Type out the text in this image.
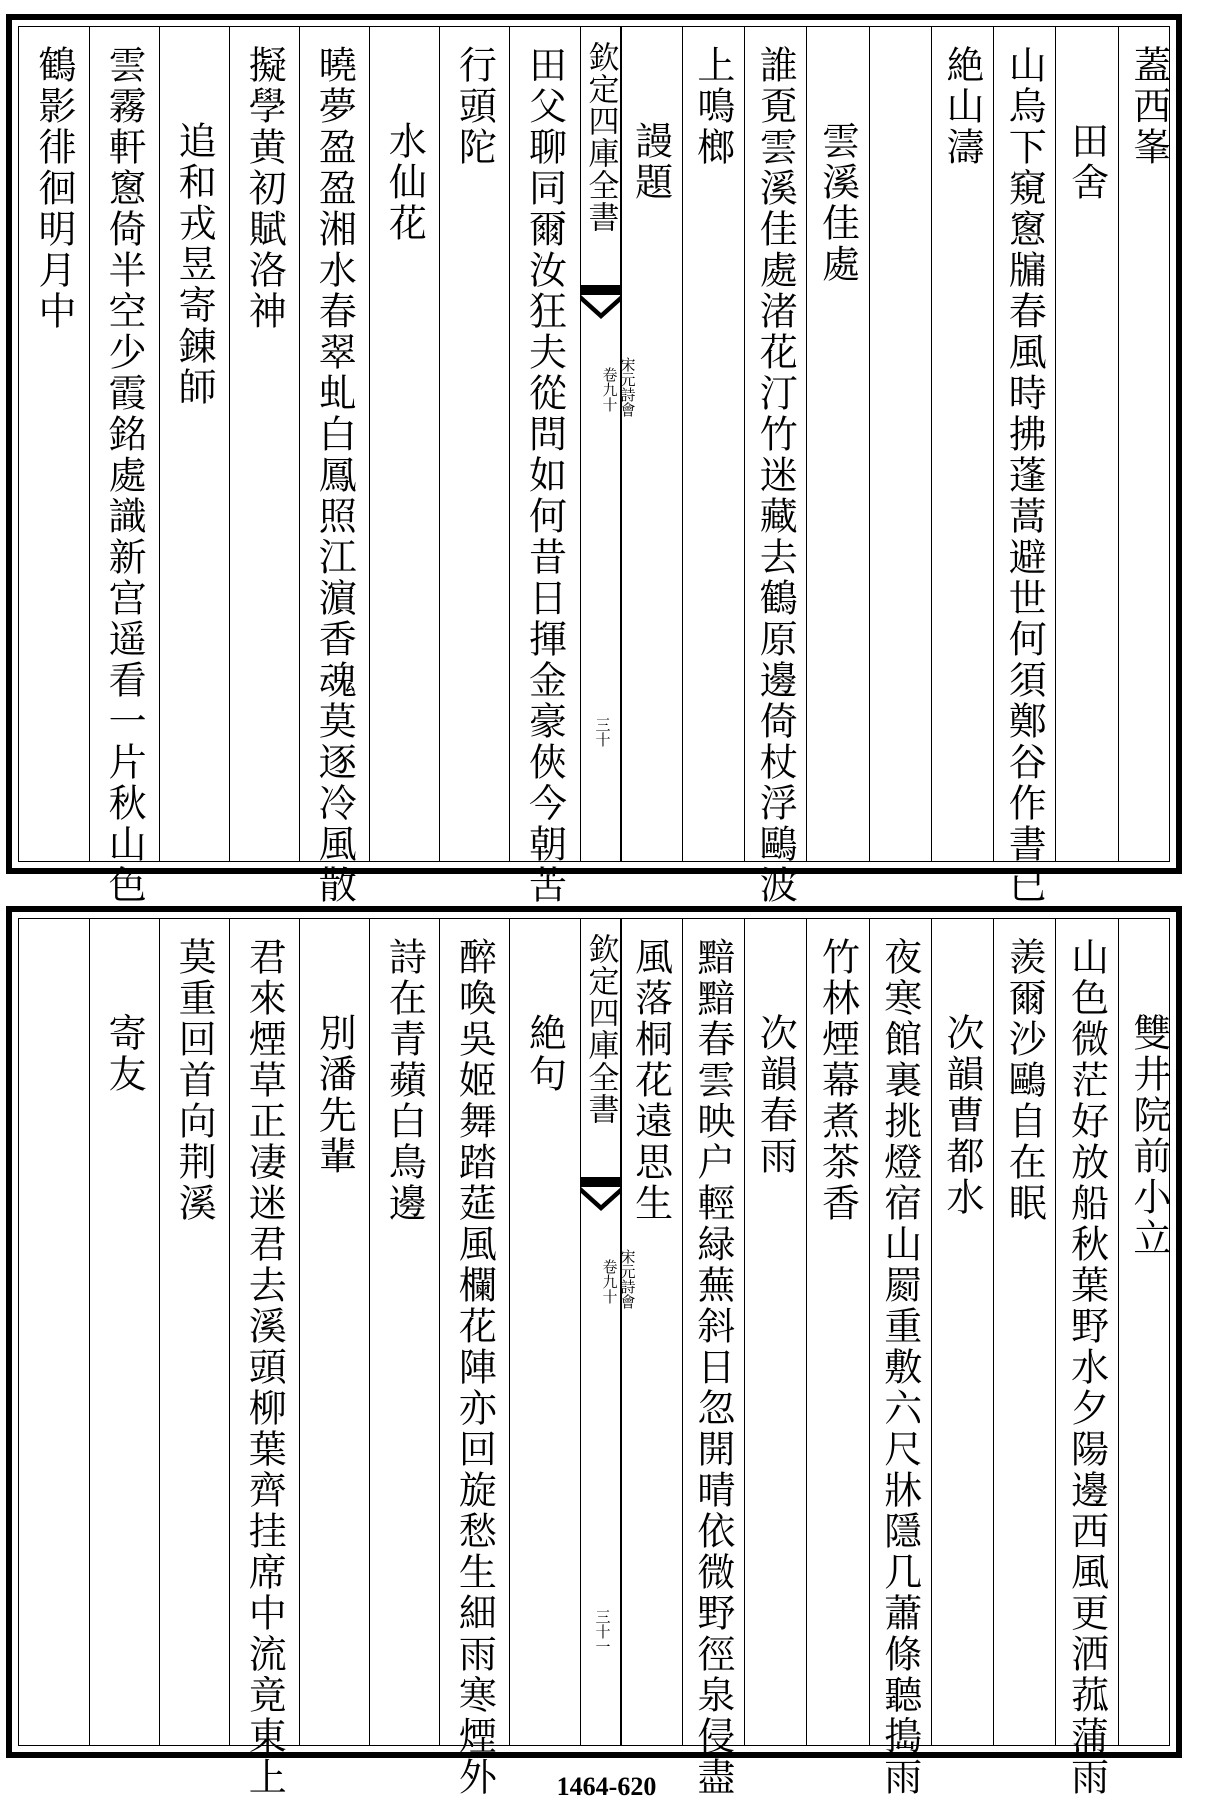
欽定四庫全書
宋元詩會
卷九十
三十
蓋西峯
田舍
山烏下窺窻牖春風時拂蓬蒿避世何須鄭谷作書已
絶山濤
雲溪佳處
誰覔雲溪佳處渚花汀竹迷藏去鶴原邊倚杖浮鷗波
上鳴榔
謾題
田父聊同爾汝狂夫從問如何昔日揮金豪俠今朝苦
行頭陀
水仙花
曉夢盈盈湘水春翠虬白鳳照江濵香魂莫逐冷風散
擬學黄初賦洛神
追和戎昱寄錬師
雲霧軒窻倚半空少霞銘處識新宫遥看一片秋山色
鶴影徘徊明月中
欽定四庫全書
宋元詩會
卷九十
三十一
雙井院前小立
山色微茫好放船秋葉野水夕陽邊西風更洒菰蒲雨
羨爾沙鷗自在眠
次韻曹都水
夜寒館裏挑燈宿山罽重敷六尺牀隱几蕭條聽搗雨
竹林煙幕煮茶香
次韻春雨
黯黯春雲映户輕緑蕪斜日忽開晴依微野徑泉侵盡
風落桐花遠思生
絶句
醉喚吳姬舞踏莚風欄花陣亦回旋愁生細雨寒煙外
詩在青蘋白鳥邊
別潘先輩
君來煙草正凄迷君去溪頭柳葉齊挂席中流竟東上
莫重回首向荆溪
寄友
1464-620
